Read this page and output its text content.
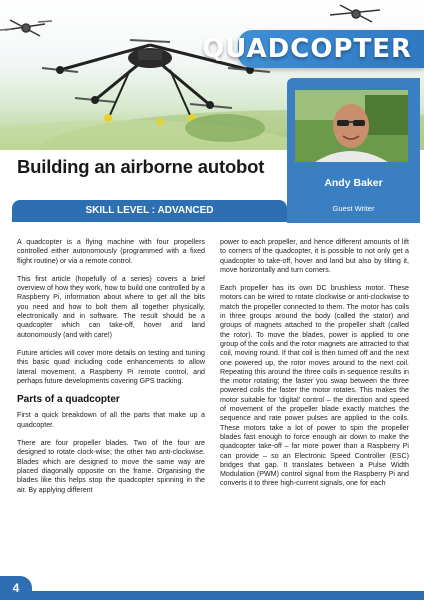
QUADCOPTER
Andy Baker
Guest Writer
Building an airborne autobot
SKILL LEVEL : ADVANCED

A quadcopter is a flying machine with four propellers controlled either autonomously (programmed with a fixed flight routine) or via a remote control.

This first article (hopefully of a series) covers a brief overview of how they work, how to build one controlled by a Raspberry Pi, information about where to get all the bits you need and how to bolt them all together physically, electronically and in software. The result should be a quadcopter which can take-off, hover and land autonomously (and with care!)

Future articles will cover more details on testing and tuning this basic quad including code enhancements to allow lateral movement, a Raspberry Pi remote control, and perhaps future developments covering GPS tracking.

Parts of a quadcopter

First a quick breakdown of all the parts that make up a quadcopter.

There are four propeller blades. Two of the four are designed to rotate clock-wise; the other two anti-clockwise. Blades which are designed to move the same way are placed diagonally opposite on the frame. Organising the blades like this helps stop the quadcopter spinning in the air. By applying different

power to each propeller, and hence different amounts of lift to corners of the quadcopter, it is possible to not only get a quadcopter to take-off, hover and land but also by tilting it, move horizontally and turn corners.

Each propeller has its own DC brushless motor. These motors can be wired to rotate clockwise or anti-clockwise to match the propeller connected to them. The motor has coils in three groups around the body (called the stator) and groups of magnets attached to the propeller shaft (called the rotor). To move the blades, power is applied to one group of the coils and the rotor magnets are attracted to that coil, moving round. If that coil is then turned off and the next one powered up, the rotor moves around to the next coil. Repeating this around the three coils in sequence results in the motor rotating; the faster you swap between the three powered coils the faster the motor rotates. This makes the motor suitable for 'digital' control – the direction and speed of movement of the propeller blade exactly matches the sequence and rate power pulses are applied to the coils. These motors take a lot of power to spin the propeller blades fast enough to force enough air down to make the quadcopter take-off – far more power than a Raspberry Pi can provide – so an Electronic Speed Controller (ESC) bridges that gap. It translates between a Pulse Width Modulation (PWM) control signal from the Raspberry Pi and converts it to three high-current signals, one for each

4
